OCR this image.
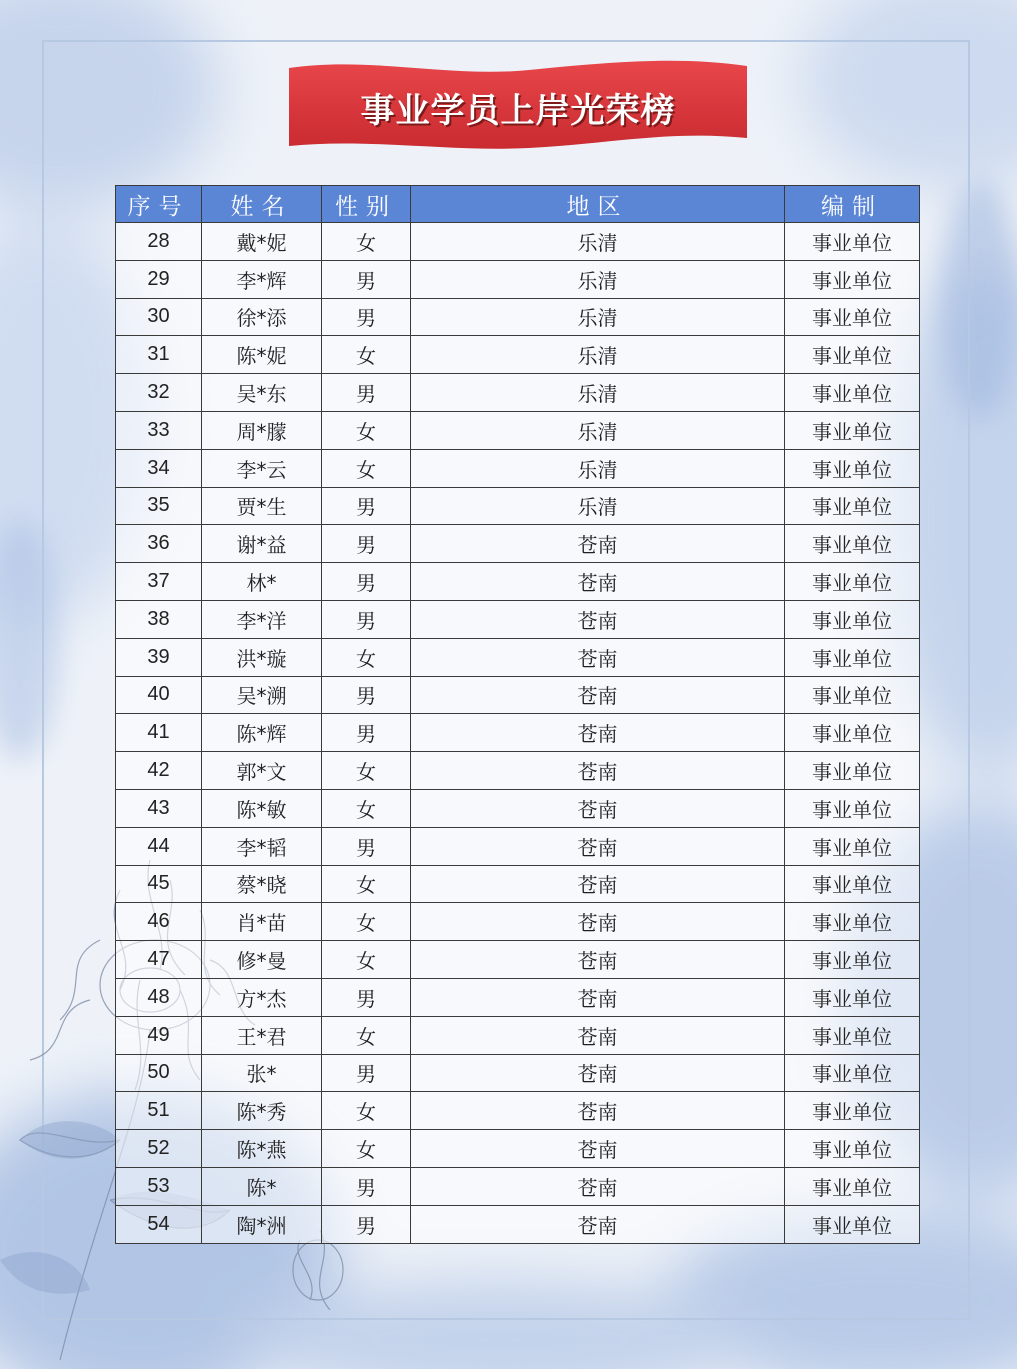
事业学员上岸光荣榜
序号	姓名	性别	地区	编制
28	戴*妮	女	乐清	事业单位
29	李*辉	男	乐清	事业单位
30	徐*添	男	乐清	事业单位
31	陈*妮	女	乐清	事业单位
32	吴*东	男	乐清	事业单位
33	周*朦	女	乐清	事业单位
34	李*云	女	乐清	事业单位
35	贾*生	男	乐清	事业单位
36	谢*益	男	苍南	事业单位
37	林*	男	苍南	事业单位
38	李*洋	男	苍南	事业单位
39	洪*璇	女	苍南	事业单位
40	吴*溯	男	苍南	事业单位
41	陈*辉	男	苍南	事业单位
42	郭*文	女	苍南	事业单位
43	陈*敏	女	苍南	事业单位
44	李*韬	男	苍南	事业单位
45	蔡*晓	女	苍南	事业单位
46	肖*苗	女	苍南	事业单位
47	修*曼	女	苍南	事业单位
48	方*杰	男	苍南	事业单位
49	王*君	女	苍南	事业单位
50	张*	男	苍南	事业单位
51	陈*秀	女	苍南	事业单位
52	陈*燕	女	苍南	事业单位
53	陈*	男	苍南	事业单位
54	陶*洲	男	苍南	事业单位
